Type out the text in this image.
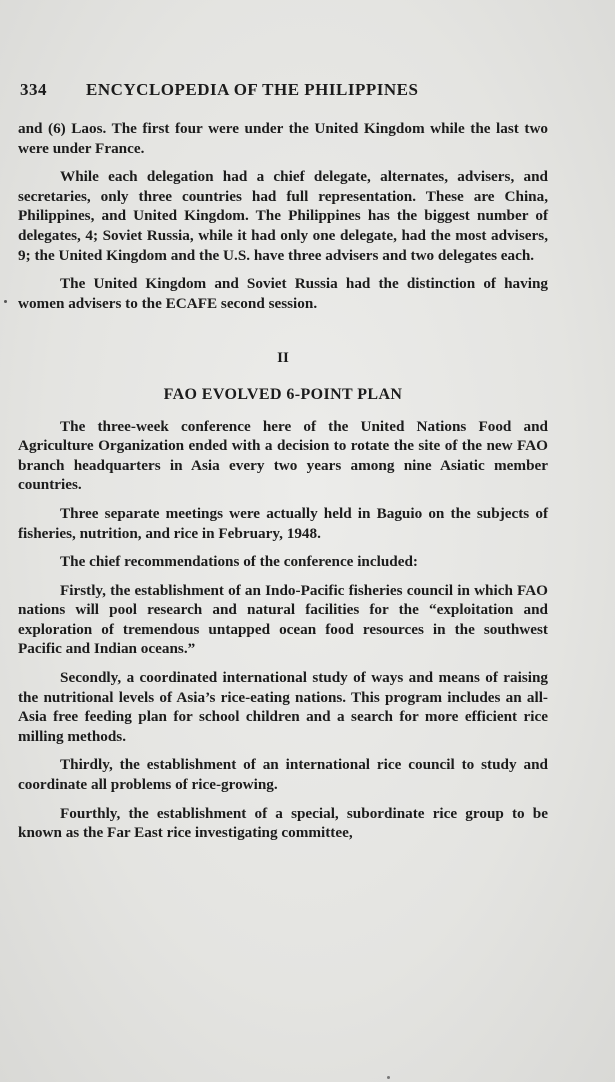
334 ENCYCLOPEDIA OF THE PHILIPPINES

and (6) Laos. The first four were under the United Kingdom while the last two were under France.

While each delegation had a chief delegate, alternates, advisers, and secretaries, only three countries had full representation. These are China, Philippines, and United Kingdom. The Philippines has the biggest number of delegates, 4; Soviet Russia, while it had only one delegate, had the most advisers, 9; the United Kingdom and the U.S. have three advisers and two delegates each.

The United Kingdom and Soviet Russia had the distinction of having women advisers to the ECAFE second session.

II
FAO EVOLVED 6-POINT PLAN

The three-week conference here of the United Nations Food and Agriculture Organization ended with a decision to rotate the site of the new FAO branch headquarters in Asia every two years among nine Asiatic member countries.

Three separate meetings were actually held in Baguio on the subjects of fisheries, nutrition, and rice in February, 1948.

The chief recommendations of the conference included:

Firstly, the establishment of an Indo-Pacific fisheries council in which FAO nations will pool research and natural facilities for the “exploitation and exploration of tremendous untapped ocean food resources in the southwest Pacific and Indian oceans.”

Secondly, a coordinated international study of ways and means of raising the nutritional levels of Asia’s rice-eating nations. This program includes an all-Asia free feeding plan for school children and a search for more efficient rice milling methods.

Thirdly, the establishment of an international rice council to study and coordinate all problems of rice-growing.

Fourthly, the establishment of a special, subordinate rice group to be known as the Far East rice investigating committee,
